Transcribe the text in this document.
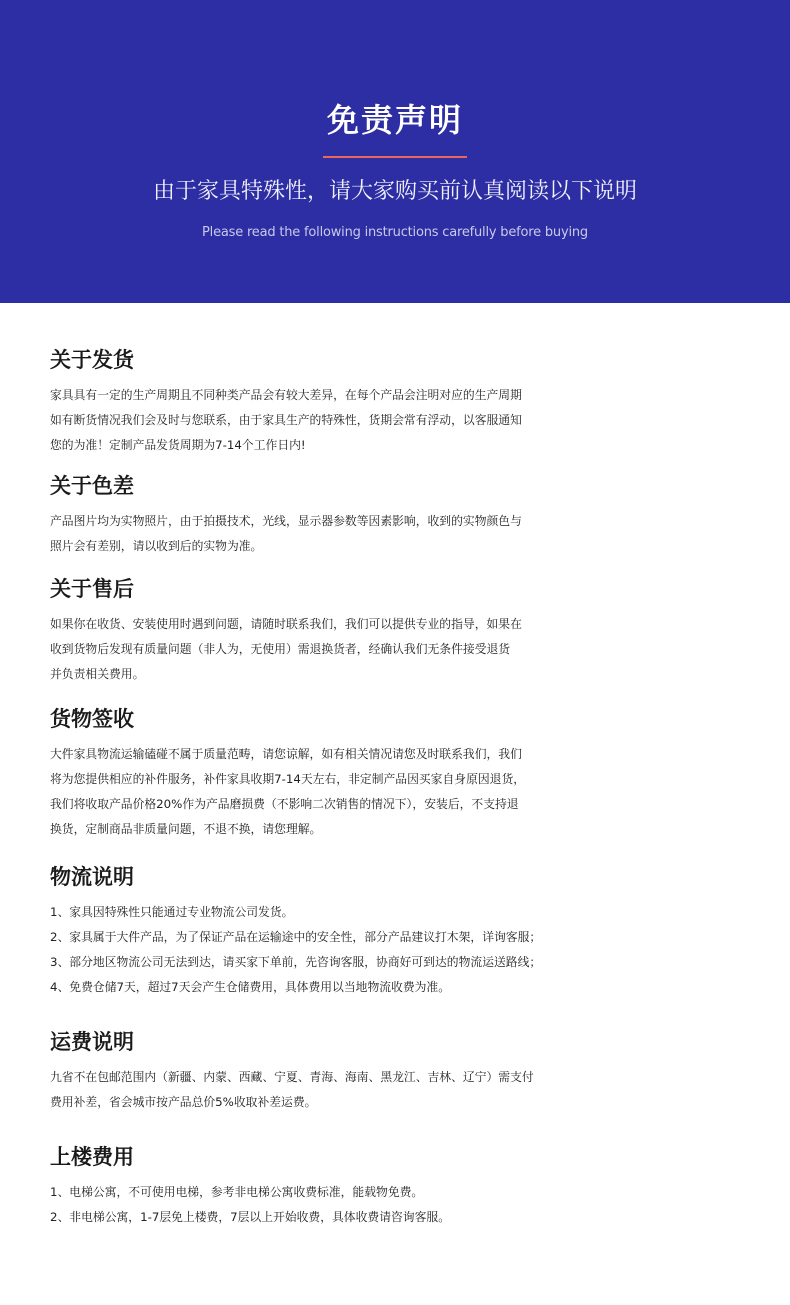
免责声明
由于家具特殊性，请大家购买前认真阅读以下说明
Please read the following instructions carefully before buying
关于发货
家具具有一定的生产周期且不同种类产品会有较大差异，在每个产品会注明对应的生产周期
如有断货情况我们会及时与您联系，由于家具生产的特殊性，货期会常有浮动，以客服通知
您的为准！定制产品发货周期为7-14个工作日内!
关于色差
产品图片均为实物照片，由于拍摄技术，光线，显示器参数等因素影响，收到的实物颜色与
照片会有差别，请以收到后的实物为准。
关于售后
如果你在收货、安装使用时遇到问题，请随时联系我们，我们可以提供专业的指导，如果在
收到货物后发现有质量问题（非人为，无使用）需退换货者，经确认我们无条件接受退货
并负责相关费用。
货物签收
大件家具物流运输磕碰不属于质量范畴，请您谅解，如有相关情况请您及时联系我们，我们
将为您提供相应的补件服务，补件家具收期7-14天左右，非定制产品因买家自身原因退货，
我们将收取产品价格20%作为产品磨损费（不影响二次销售的情况下），安装后，不支持退
换货，定制商品非质量问题，不退不换，请您理解。
物流说明
1、家具因特殊性只能通过专业物流公司发货。
2、家具属于大件产品，为了保证产品在运输途中的安全性，部分产品建议打木架，详询客服；
3、部分地区物流公司无法到达，请买家下单前，先咨询客服，协商好可到达的物流运送路线；
4、免费仓储7天，超过7天会产生仓储费用，具体费用以当地物流收费为准。
运费说明
九省不在包邮范围内（新疆、内蒙、西藏、宁夏、青海、海南、黑龙江、吉林、辽宁）需支付
费用补差，省会城市按产品总价5%收取补差运费。
上楼费用
1、电梯公寓，不可使用电梯，参考非电梯公寓收费标准，能载物免费。
2、非电梯公寓，1-7层免上楼费，7层以上开始收费，具体收费请咨询客服。
